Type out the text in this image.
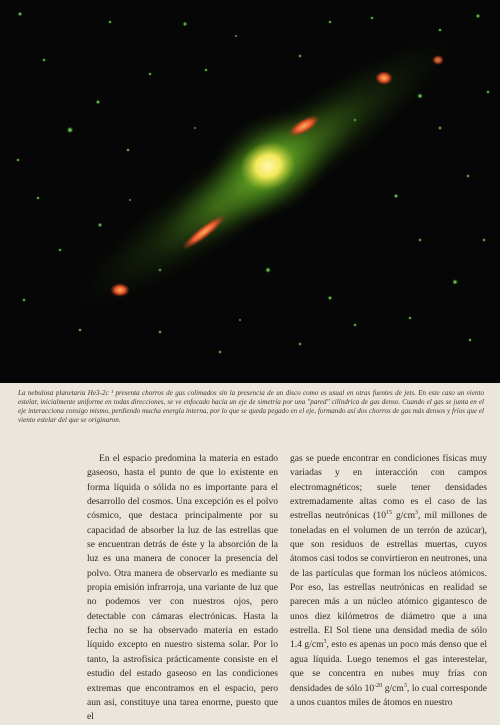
La nebulosa planetaria He3-2c ¹ presenta chorros de gas colimados sin la presencia de un disco como es usual en otras fuentes de jets. En este caso un viento estelar, inicialmente uniforme en todas direcciones, se ve enfocado hacia un eje de simetría por una "pared" cilíndrica de gas denso. Cuando el gas se junta en el eje interacciona consigo mismo, perdiendo mucha energía interna, por lo que se queda pegado en el eje, formando así dos chorros de gas más densos y fríos que el viento estelar del que se originaron.

En el espacio predomina la materia en estado gaseoso, hasta el punto de que lo existente en forma líquida o sólida no es importante para el desarrollo del cosmos. Una excepción es el polvo cósmico, que destaca principalmente por su capacidad de absorber la luz de las estrellas que se encuentran detrás de éste y la absorción de la luz es una manera de conocer la presencia del polvo. Otra manera de observarlo es mediante su propia emisión infrarroja, una variante de luz que no podemos ver con nuestros ojos, pero detectable con cámaras electrónicas. Hasta la fecha no se ha observado materia en estado líquido excepto en nuestro sistema solar. Por lo tanto, la astrofísica prácticamente consiste en el estudio del estado gaseoso en las condiciones extremas que encontramos en el espacio, pero aun así, constituye una tarea enorme, puesto que el

gas se puede encontrar en condiciones físicas muy variadas y en interacción con campos electromagnéticos; suele tener densidades extremadamente altas como es el caso de las estrellas neutrónicas ($10^{15}$ $g/cm^3$, mil millones de toneladas en el volumen de un terrón de azúcar), que son residuos de estrellas muertas, cuyos átomos casi todos se convirtieron en neutrones, una de las partículas que forman los núcleos atómicos. Por eso, las estrellas neutrónicas en realidad se parecen más a un núcleo atómico gigantesco de unos diez kilómetros de diámetro que a una estrella. El Sol tiene una densidad media de sólo 1.4 $g/cm^3$, esto es apenas un poco más denso que el agua líquida. Luego tenemos el gas interestelar, que se concentra en nubes muy frías con densidades de sólo $10^{-20}$ $g/cm^3$, lo cual corresponde a unos cuantos miles de átomos en nuestro
